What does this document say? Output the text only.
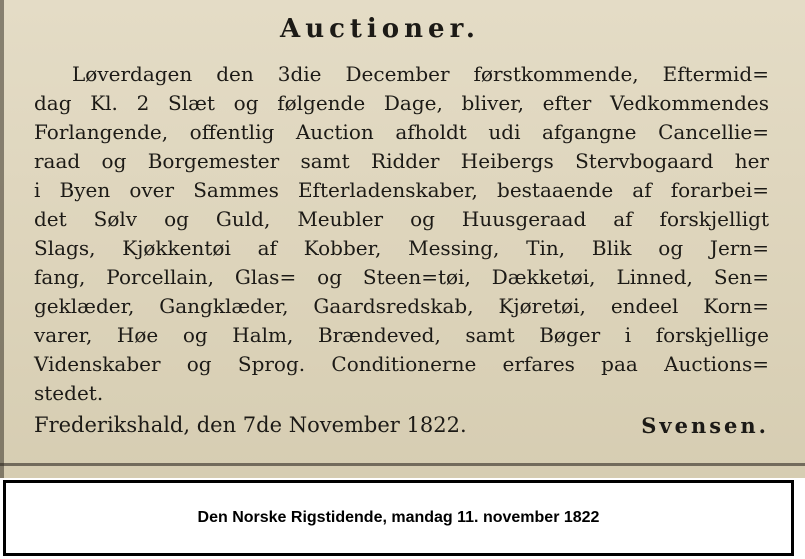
Auctioner.
Løverdagen den 3die December førstkommende, Eftermid=
dag Kl. 2 Slæt og følgende Dage, bliver, efter Vedkommendes
Forlangende, offentlig Auction afholdt udi afgangne Cancellie=
raad og Borgemester samt Ridder Heibergs Stervbogaard her
i Byen over Sammes Efterladenskaber, bestaaende af forarbei=
det Sølv og Guld, Meubler og Huusgeraad af forskjelligt
Slags, Kjøkkentøi af Kobber, Messing, Tin, Blik og Jern=
fang, Porcellain, Glas= og Steen=tøi, Dækketøi, Linned, Sen=
geklæder, Gangklæder, Gaardsredskab, Kjøretøi, endeel Korn=
varer, Høe og Halm, Brændeved, samt Bøger i forskjellige
Videnskaber og Sprog. Conditionerne erfares paa Auctions=
stedet.
Frederikshald, den 7de November 1822.	Svensen.
Den Norske Rigstidende, mandag 11. november 1822
